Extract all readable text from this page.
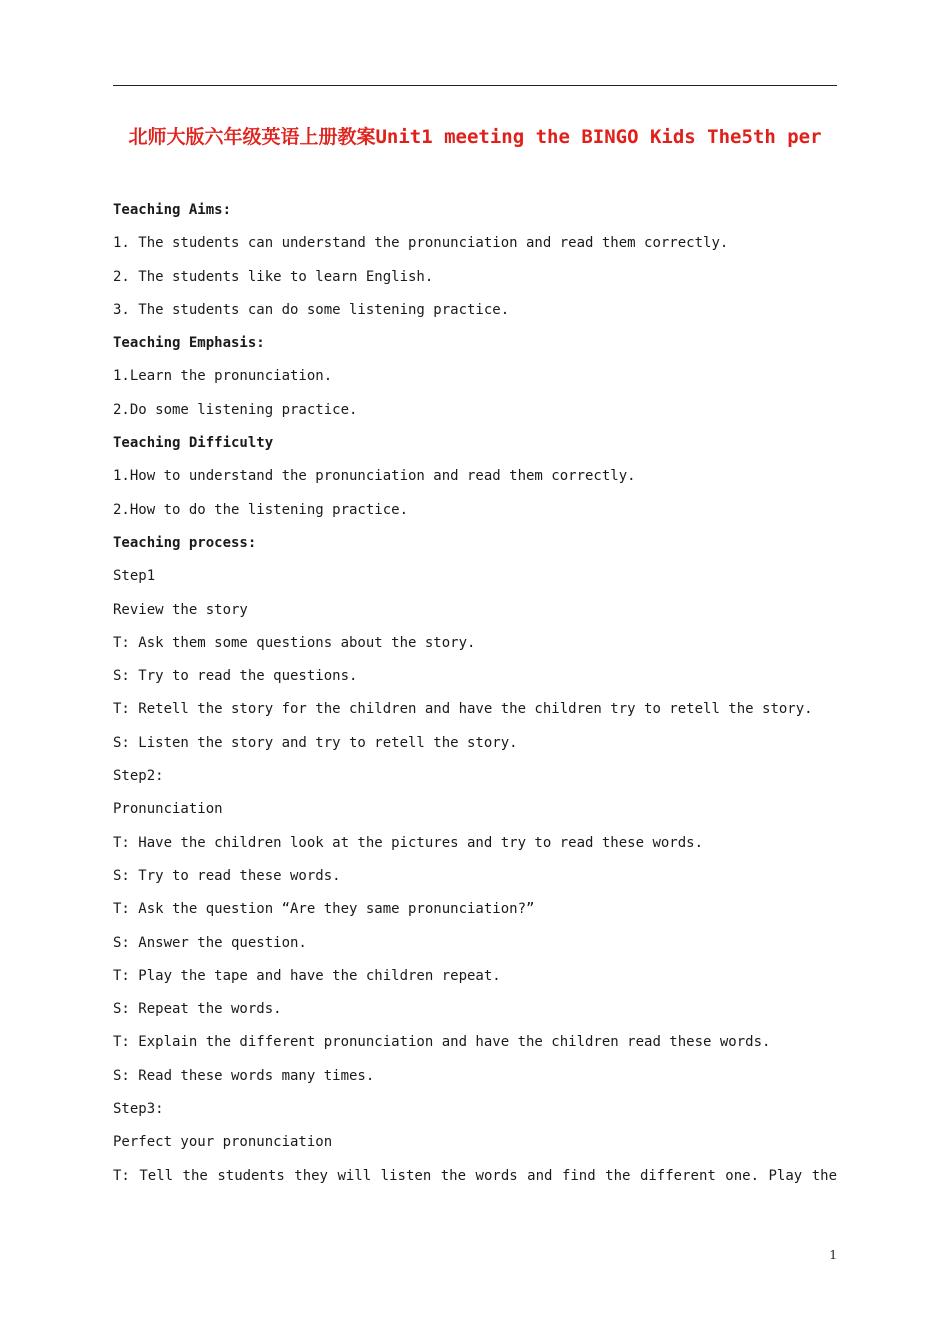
北师大版六年级英语上册教案Unit1 meeting the BINGO Kids The5th per

Teaching Aims:

1. The students can understand the pronunciation and read them correctly.

2. The students like to learn English.

3. The students can do some listening practice.

Teaching Emphasis:

1.Learn the pronunciation.

2.Do some listening practice.

Teaching Difficulty

1.How to understand the pronunciation and read them correctly.

2.How to do the listening practice.

Teaching process:

Step1

Review the story

T: Ask them some questions about the story.

S: Try to read the questions.

T: Retell the story for the children and have the children try to retell the story.

S: Listen the story and try to retell the story.

Step2:

Pronunciation

T: Have the children look at the pictures and try to read these words.

S: Try to read these words.

T: Ask the question “Are they same pronunciation?”

S: Answer the question.

T: Play the tape and have the children repeat.

S: Repeat the words.

T: Explain the different pronunciation and have the children read these words.

S: Read these words many times.

Step3:

Perfect your pronunciation

T: Tell the students they will listen the words and find the different one. Play the

1
